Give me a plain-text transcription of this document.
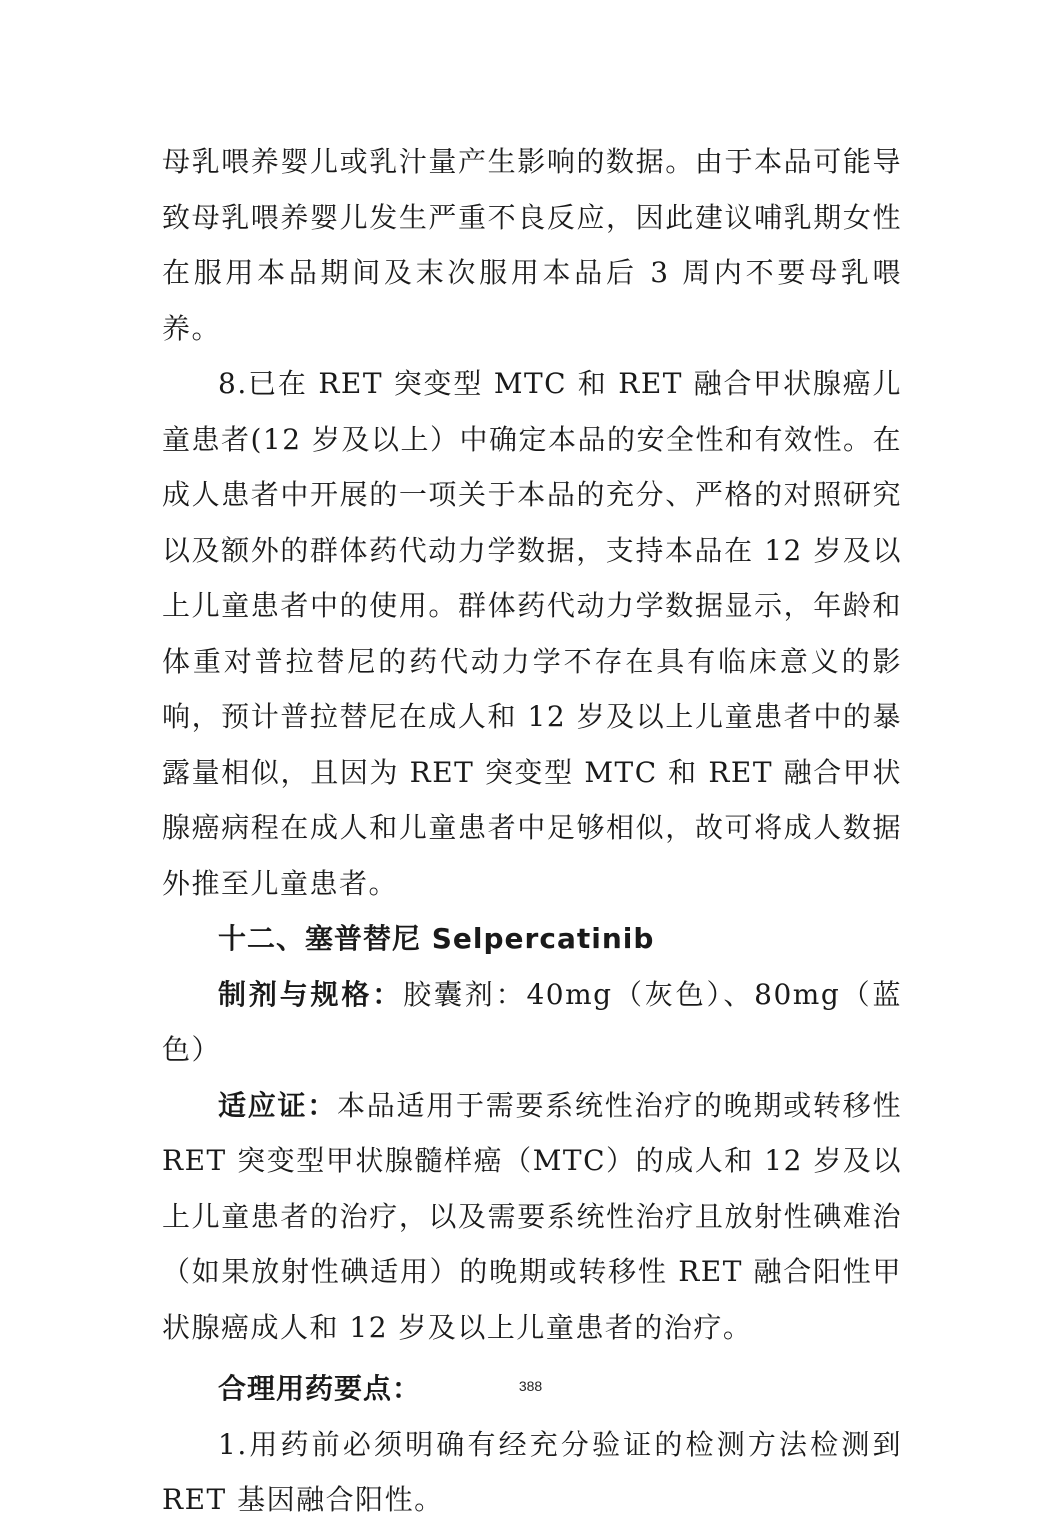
母乳喂养婴儿或乳汁量产生影响的数据。由于本品可能导致母乳喂养婴儿发生严重不良反应，因此建议哺乳期女性在服用本品期间及末次服用本品后 3 周内不要母乳喂养。

8.已在 RET 突变型 MTC 和 RET 融合甲状腺癌儿童患者(12 岁及以上）中确定本品的安全性和有效性。在成人患者中开展的一项关于本品的充分、严格的对照研究以及额外的群体药代动力学数据，支持本品在 12 岁及以上儿童患者中的使用。群体药代动力学数据显示，年龄和体重对普拉替尼的药代动力学不存在具有临床意义的影响，预计普拉替尼在成人和 12 岁及以上儿童患者中的暴露量相似，且因为 RET 突变型 MTC 和 RET 融合甲状腺癌病程在成人和儿童患者中足够相似，故可将成人数据外推至儿童患者。

十二、塞普替尼 Selpercatinib

制剂与规格：胶囊剂：40mg（灰色）、80mg（蓝色）

适应证：本品适用于需要系统性治疗的晚期或转移性 RET 突变型甲状腺髓样癌（MTC）的成人和 12 岁及以上儿童患者的治疗，以及需要系统性治疗且放射性碘难治（如果放射性碘适用）的晚期或转移性 RET 融合阳性甲状腺癌成人和 12 岁及以上儿童患者的治疗。

合理用药要点：

1.用药前必须明确有经充分验证的检测方法检测到 RET 基因融合阳性。

388
